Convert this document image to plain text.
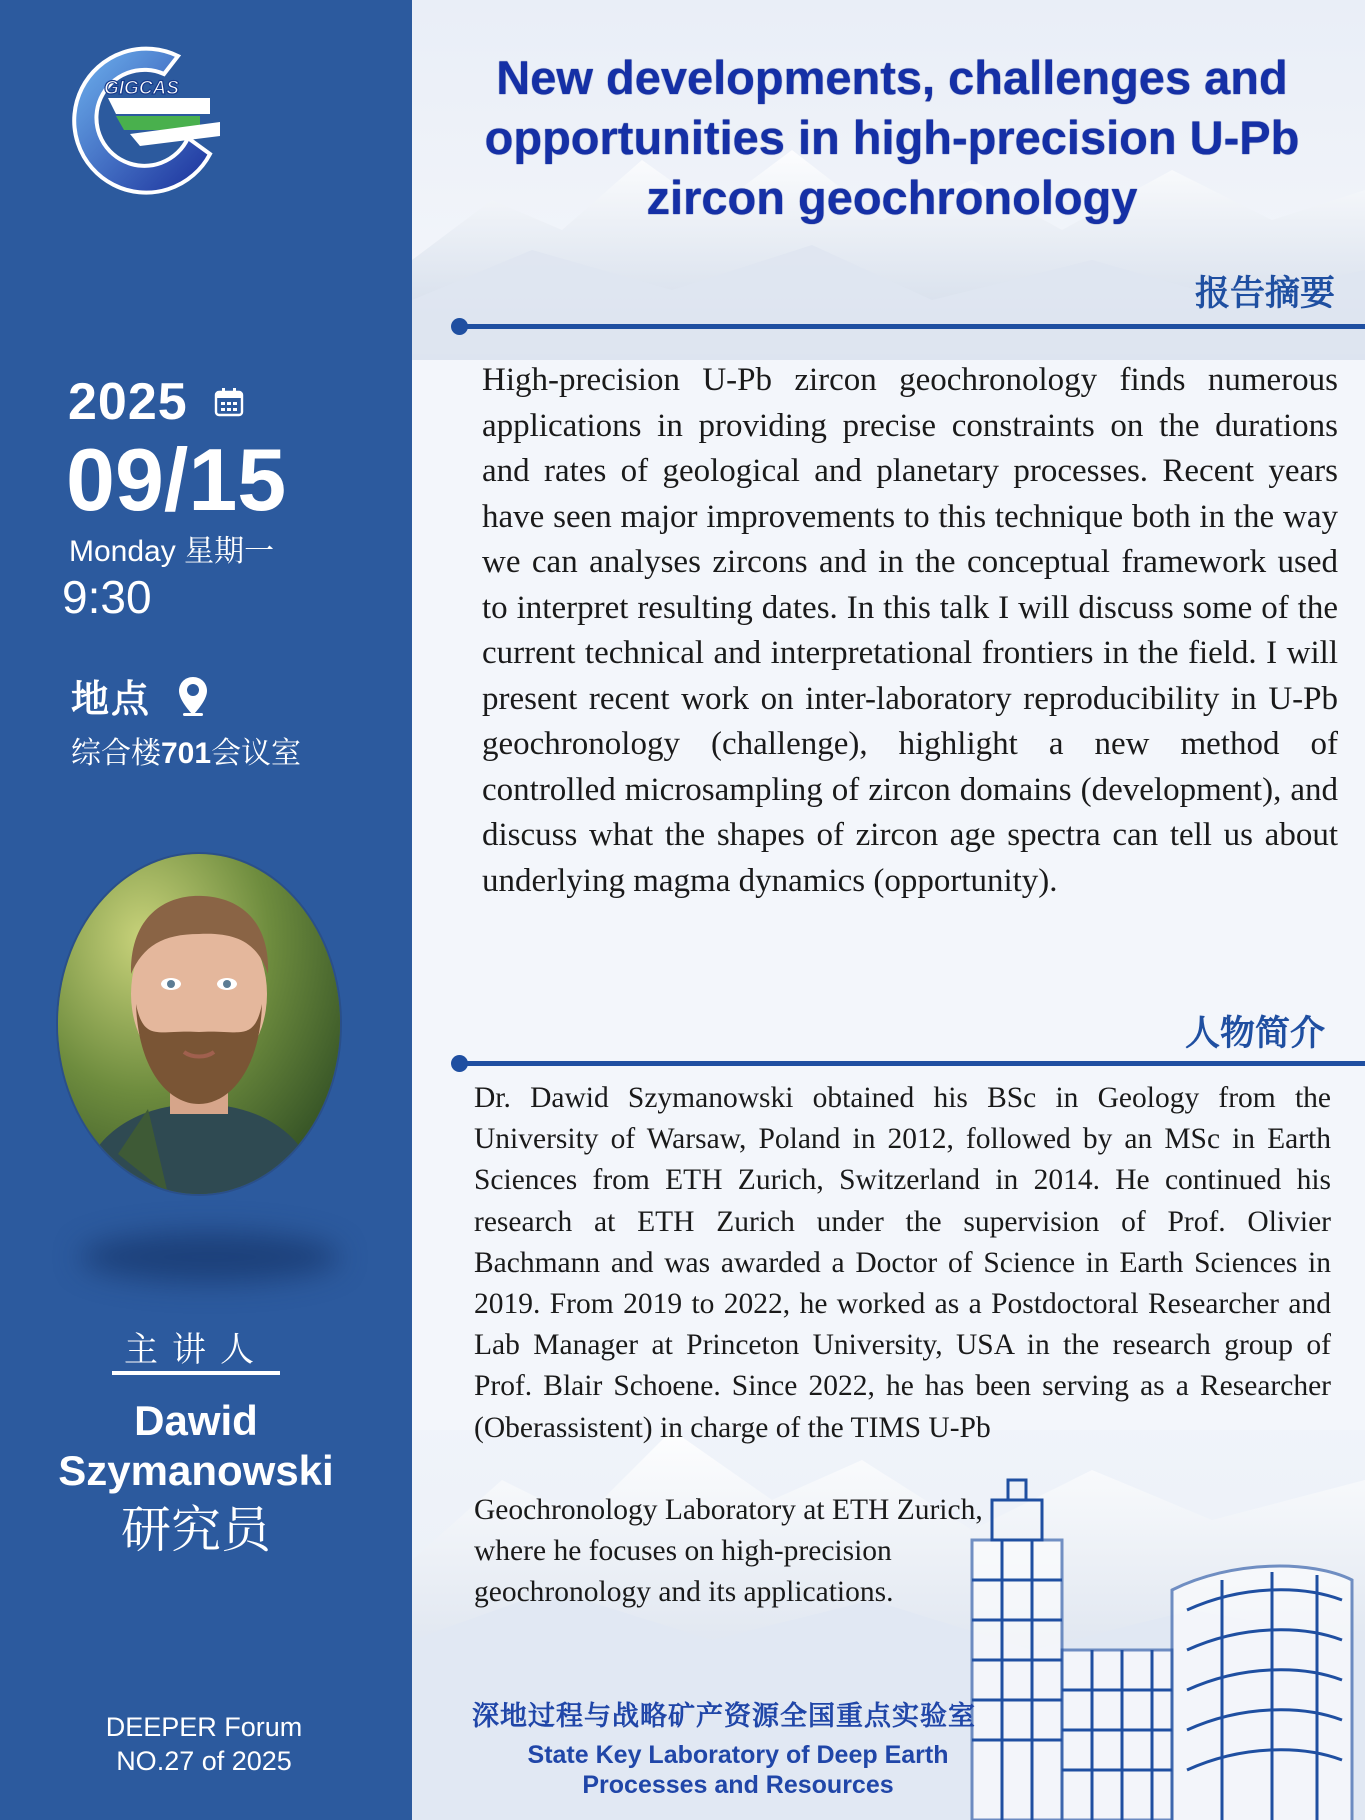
GIGCAS
2025
09/15
Monday 星期一
9:30
地点
综合楼701会议室
主讲人
Dawid
Szymanowski
研究员
DEEPER Forum
NO.27 of 2025
New developments, challenges and opportunities in high-precision U-Pb zircon geochronology
报告摘要

High-precision U-Pb zircon geochronology finds numerous applications in providing precise constraints on the durations and rates of geological and planetary processes. Recent years have seen major improvements to this technique both in the way we can analyses zircons and in the conceptual framework used to interpret resulting dates. In this talk I will discuss some of the current technical and interpretational frontiers in the field. I will present recent work on inter-laboratory reproducibility in U-Pb geochronology (challenge), highlight a new method of controlled microsampling of zircon domains (development), and discuss what the shapes of zircon age spectra can tell us about underlying magma dynamics (opportunity).

人物简介

Dr. Dawid Szymanowski obtained his BSc in Geology from the University of Warsaw, Poland in 2012, followed by an MSc in Earth Sciences from ETH Zurich, Switzerland in 2014. He continued his research at ETH Zurich under the supervision of Prof. Olivier Bachmann and was awarded a Doctor of Science in Earth Sciences in 2019. From 2019 to 2022, he worked as a Postdoctoral Researcher and Lab Manager at Princeton University, USA in the research group of Prof. Blair Schoene. Since 2022, he has been serving as a Researcher (Oberassistent) in charge of the TIMS U-Pb

Geochronology Laboratory at ETH Zurich, where he focuses on high-precision geochronology and its applications.

深地过程与战略矿产资源全国重点实验室
State Key Laboratory of Deep Earth Processes and Resources
